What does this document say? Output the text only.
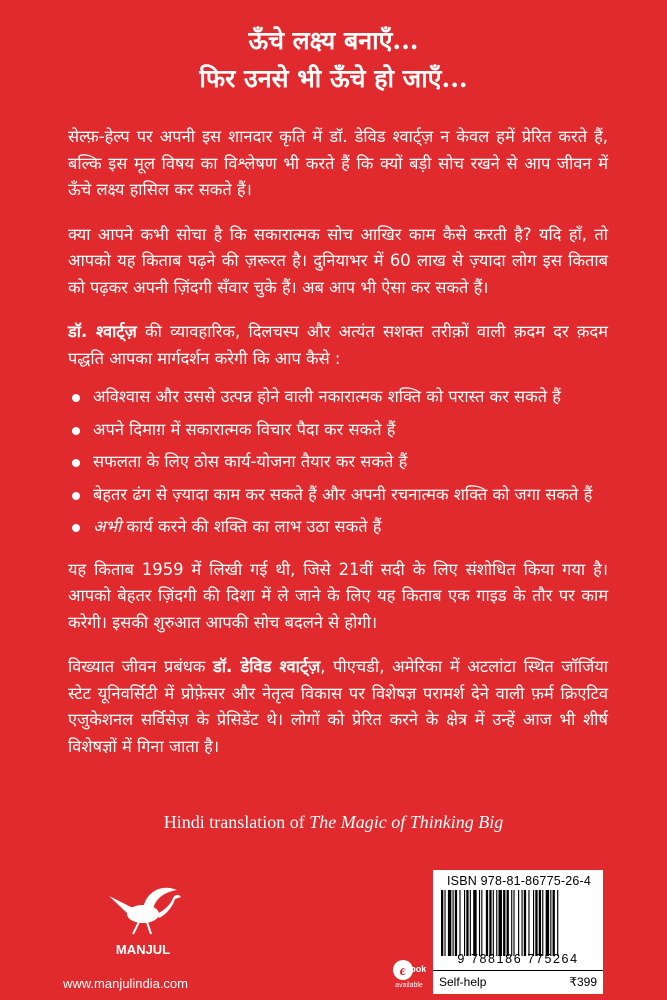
ऊँचे लक्ष्य बनाएँ...
फिर उनसे भी ऊँचे हो जाएँ...

सेल्फ़-हेल्प पर अपनी इस शानदार कृति में डॉ. डेविड श्वार्ट्ज़ न केवल हमें प्रेरित करते हैं, बल्कि इस मूल विषय का विश्लेषण भी करते हैं कि क्यों बड़ी सोच रखने से आप जीवन में ऊँचे लक्ष्य हासिल कर सकते हैं।

क्या आपने कभी सोचा है कि सकारात्मक सोच आखिर काम कैसे करती है? यदि हाँ, तो आपको यह किताब पढ़ने की ज़रूरत है। दुनियाभर में 60 लाख से ज़्यादा लोग इस किताब को पढ़कर अपनी ज़िंदगी सँवार चुके हैं। अब आप भी ऐसा कर सकते हैं।

डॉ. श्वार्ट्ज़ की व्यावहारिक, दिलचस्प और अत्यंत सशक्त तरीक़ों वाली क़दम दर क़दम पद्धति आपका मार्गदर्शन करेगी कि आप कैसे :

अविश्वास और उससे उत्पन्न होने वाली नकारात्मक शक्ति को परास्त कर सकते हैं
अपने दिमाग़ में सकारात्मक विचार पैदा कर सकते हैं
सफलता के लिए ठोस कार्य-योजना तैयार कर सकते हैं
बेहतर ढंग से ज़्यादा काम कर सकते हैं और अपनी रचनात्मक शक्ति को जगा सकते हैं
अभी कार्य करने की शक्ति का लाभ उठा सकते हैं

यह किताब 1959 में लिखी गई थी, जिसे 21वीं सदी के लिए संशोधित किया गया है। आपको बेहतर ज़िंदगी की दिशा में ले जाने के लिए यह किताब एक गाइड के तौर पर काम करेगी। इसकी शुरुआत आपकी सोच बदलने से होगी।

विख्यात जीवन प्रबंधक डॉ. डेविड श्वार्ट्ज़, पीएचडी, अमेरिका में अटलांटा स्थित जॉर्जिया स्टेट यूनिवर्सिटी में प्रोफ़ेसर और नेतृत्व विकास पर विशेषज्ञ परामर्श देने वाली फ़र्म क्रिएटिव एजुकेशनल सर्विसेज़ के प्रेसिडेंट थे। लोगों को प्रेरित करने के क्षेत्र में उन्हें आज भी शीर्ष विशेषज्ञों में गिना जाता है।

Hindi translation of The Magic of Thinking Big
MANJUL
www.manjulindia.com
e
Book
available
ISBN 978-81-86775-26-4
9 788186 775264
Self-help	₹399
